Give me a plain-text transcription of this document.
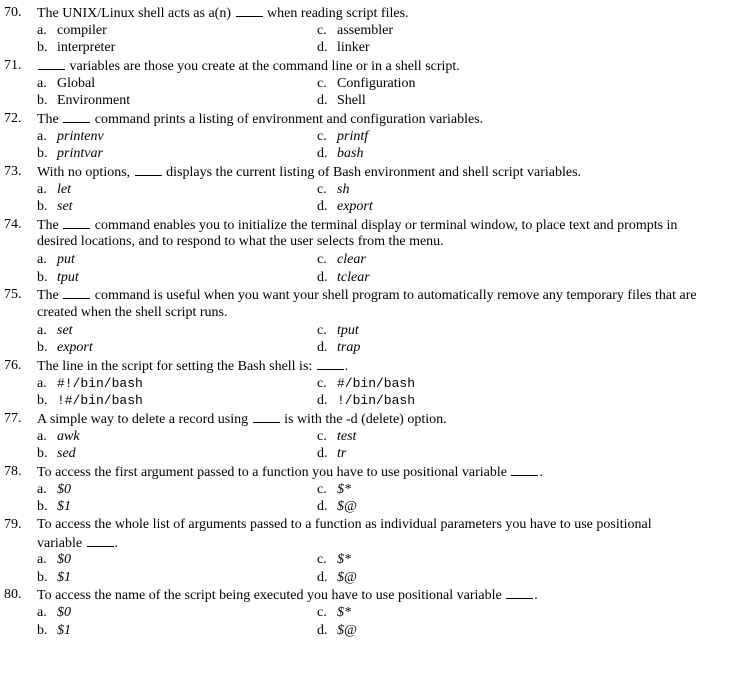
70. The UNIX/Linux shell acts as a(n)  when reading script files.
a. compiler	c. assembler
b. interpreter	d. linker
71.	variables are those you create at the command line or in a shell script.
a. Global	c. Configuration
b. Environment	d. Shell
72. The  command prints a listing of environment and configuration variables.
a. printenv	c. printf
b. printvar	d. bash
73. With no options,  displays the current listing of Bash environment and shell script variables.
a. let	c. sh
b. set	d. export
74. The  command enables you to initialize the terminal display or terminal window, to place text and prompts in
desired locations, and to respond to what the user selects from the menu.
a. put	c. clear
b. tput	d. tclear
75. The  command is useful when you want your shell program to automatically remove any temporary files that are
created when the shell script runs.
a. set	c. tput
b. export	d. trap
76. The line in the script for setting the Bash shell is: .
a. #!/bin/bash	c. #/bin/bash
b. !#/bin/bash	d. !/bin/bash
77. A simple way to delete a record using  is with the -d (delete) option.
a. awk	c. test
b. sed	d. tr
78. To access the first argument passed to a function you have to use positional variable .
a. $0	c. $*
b. $1	d. $@
79. To access the whole list of arguments passed to a function as individual parameters you have to use positional
variable .
a. $0	c. $*
b. $1	d. $@
80. To access the name of the script being executed you have to use positional variable .
a. $0	c. $*
b. $1	d. $@
